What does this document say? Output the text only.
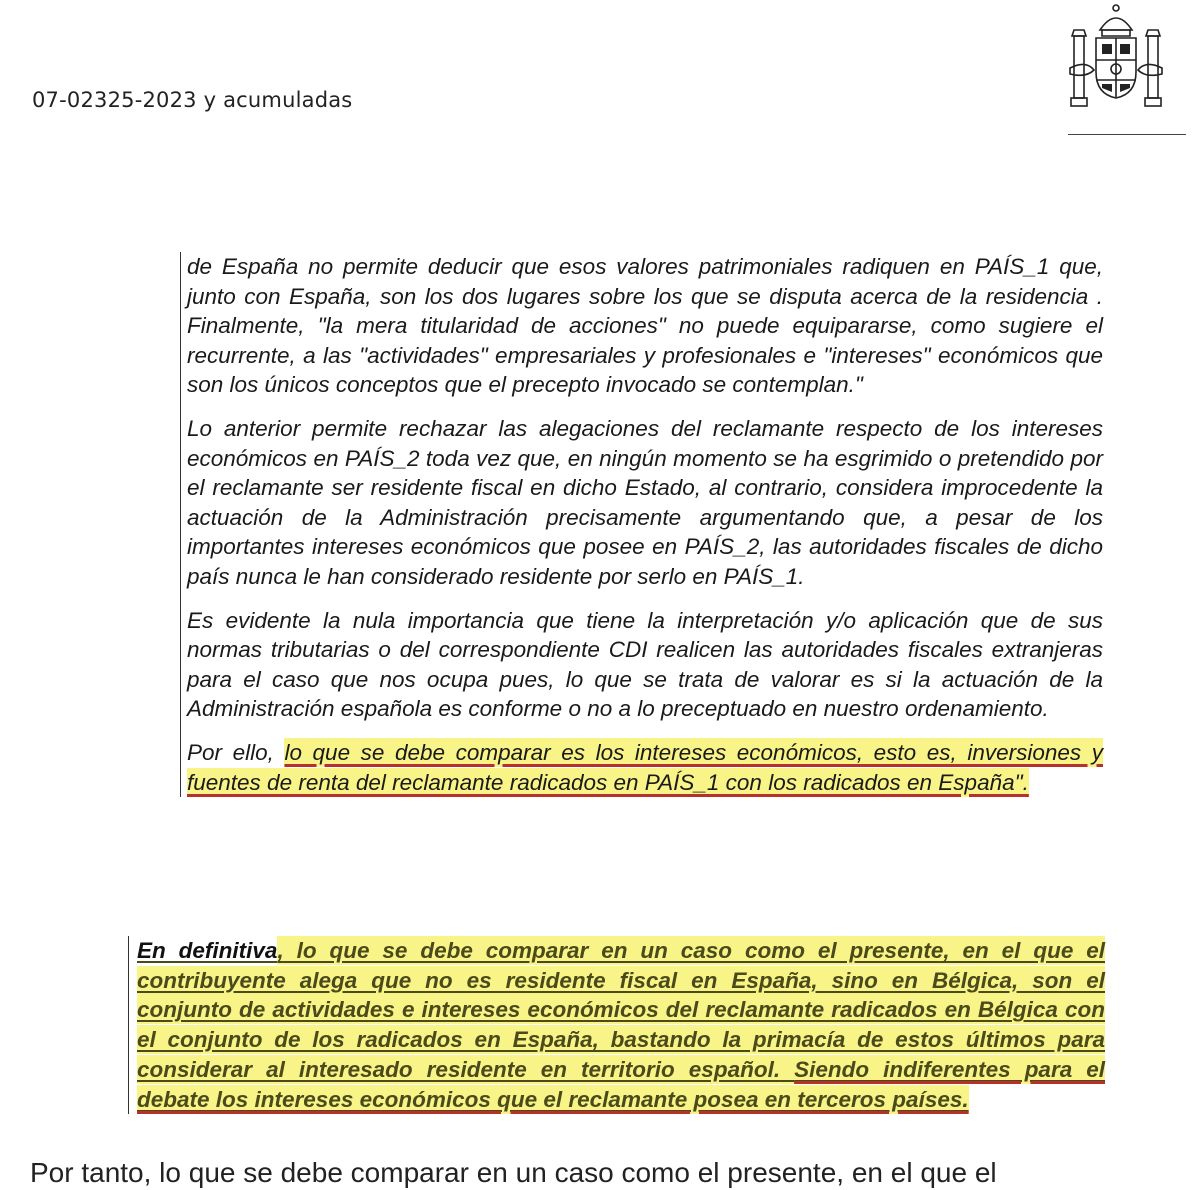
07-02325-2023 y acumuladas

de España no permite deducir que esos valores patrimoniales radiquen en PAÍS_1 que, junto con España, son los dos lugares sobre los que se disputa acerca de la residencia . Finalmente, "la mera titularidad de acciones" no puede equipararse, como sugiere el recurrente, a las "actividades" empresariales y profesionales e "intereses" económicos que son los únicos conceptos que el precepto invocado se contemplan."

Lo anterior permite rechazar las alegaciones del reclamante respecto de los intereses económicos en PAÍS_2 toda vez que, en ningún momento se ha esgrimido o pretendido por el reclamante ser residente fiscal en dicho Estado, al contrario, considera improcedente la actuación de la Administración precisamente argumentando que, a pesar de los importantes intereses económicos que posee en PAÍS_2, las autoridades fiscales de dicho país nunca le han considerado residente por serlo en PAÍS_1.

Es evidente la nula importancia que tiene la interpretación y/o aplicación que de sus normas tributarias o del correspondiente CDI realicen las autoridades fiscales extranjeras para el caso que nos ocupa pues, lo que se trata de valorar es si la actuación de la Administración española es conforme o no a lo preceptuado en nuestro ordenamiento.

Por ello, lo que se debe comparar es los intereses económicos, esto es, inversiones y fuentes de renta del reclamante radicados en PAÍS_1 con los radicados en España".

En definitiva, lo que se debe comparar en un caso como el presente, en el que el contribuyente alega que no es residente fiscal en España, sino en Bélgica, son el conjunto de actividades e intereses económicos del reclamante radicados en Bélgica con el conjunto de los radicados en España, bastando la primacía de estos últimos para considerar al interesado residente en territorio español. Siendo indiferentes para el debate los intereses económicos que el reclamante posea en terceros países.
Por tanto, lo que se debe comparar en un caso como el presente, en el que el
